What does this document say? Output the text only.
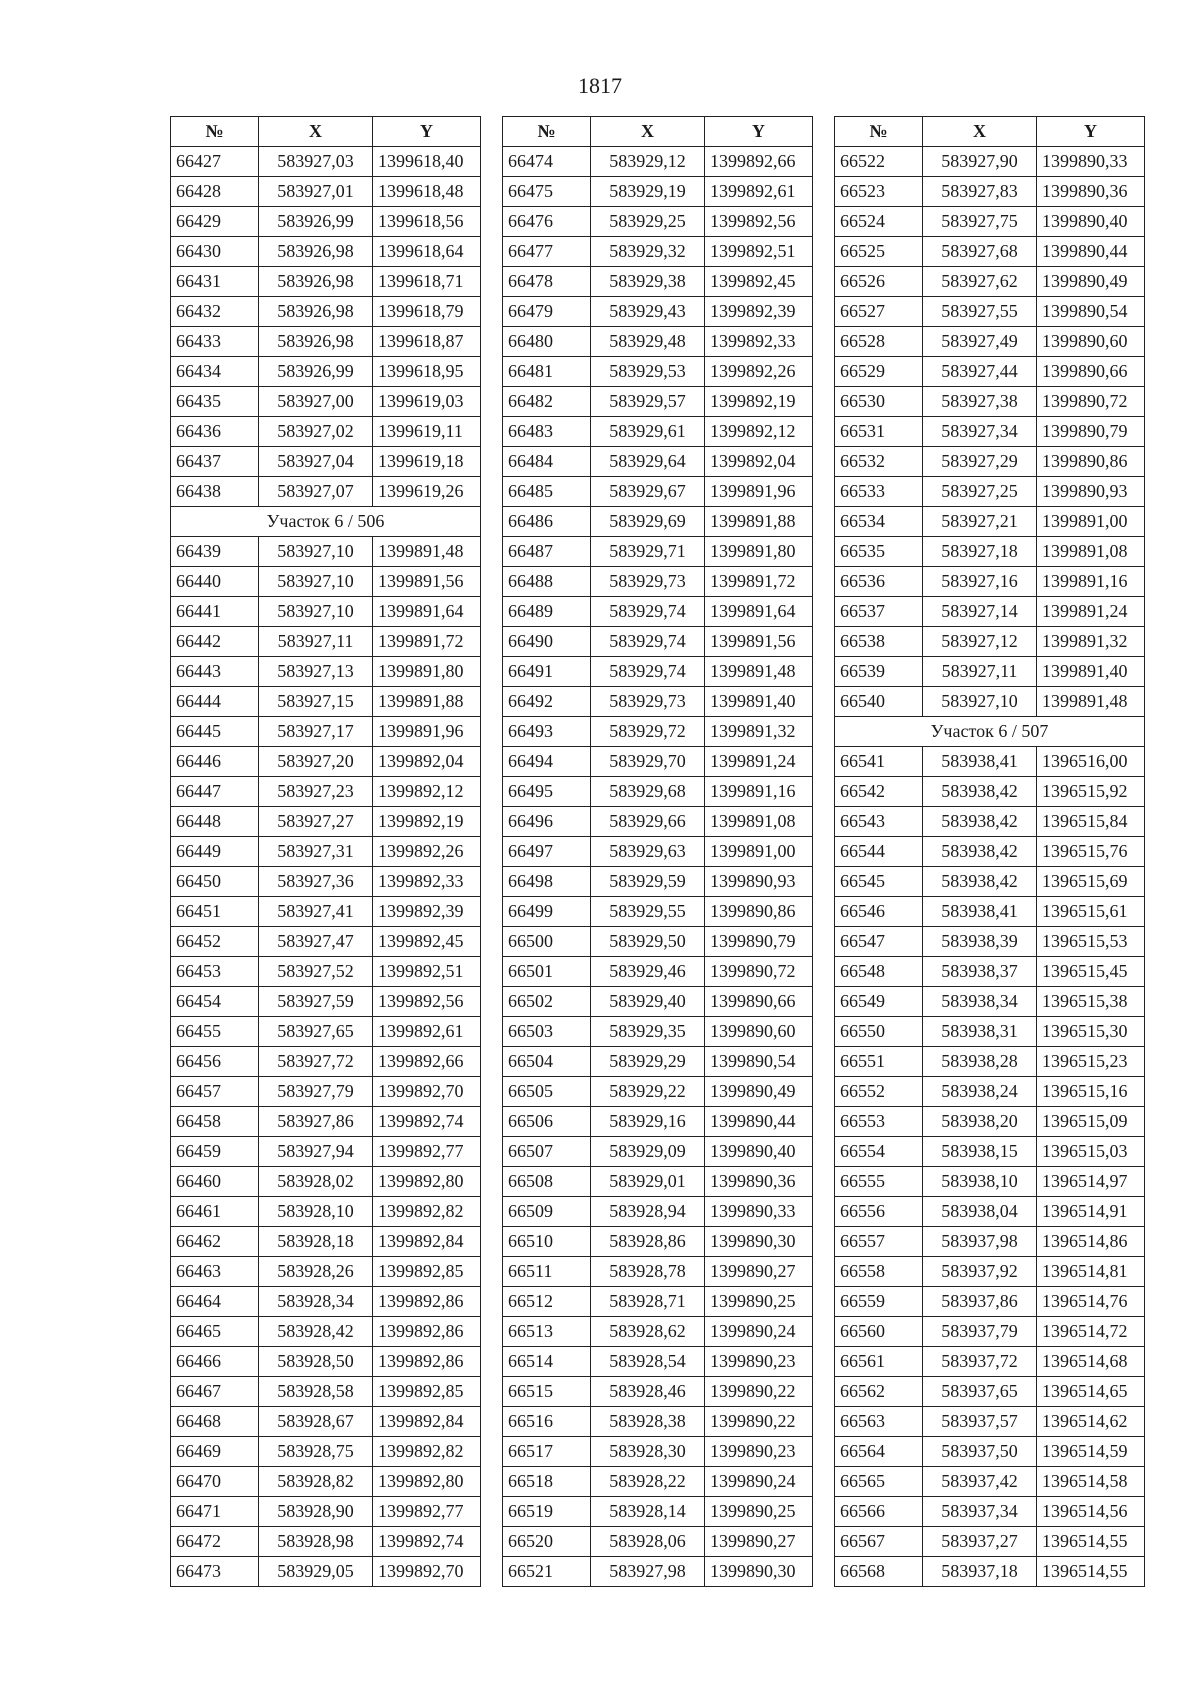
1817
№	X	Y
66427	583927,03	1399618,40
66428	583927,01	1399618,48
66429	583926,99	1399618,56
66430	583926,98	1399618,64
66431	583926,98	1399618,71
66432	583926,98	1399618,79
66433	583926,98	1399618,87
66434	583926,99	1399618,95
66435	583927,00	1399619,03
66436	583927,02	1399619,11
66437	583927,04	1399619,18
66438	583927,07	1399619,26
Участок 6 / 506		
66439	583927,10	1399891,48
66440	583927,10	1399891,56
66441	583927,10	1399891,64
66442	583927,11	1399891,72
66443	583927,13	1399891,80
66444	583927,15	1399891,88
66445	583927,17	1399891,96
66446	583927,20	1399892,04
66447	583927,23	1399892,12
66448	583927,27	1399892,19
66449	583927,31	1399892,26
66450	583927,36	1399892,33
66451	583927,41	1399892,39
66452	583927,47	1399892,45
66453	583927,52	1399892,51
66454	583927,59	1399892,56
66455	583927,65	1399892,61
66456	583927,72	1399892,66
66457	583927,79	1399892,70
66458	583927,86	1399892,74
66459	583927,94	1399892,77
66460	583928,02	1399892,80
66461	583928,10	1399892,82
66462	583928,18	1399892,84
66463	583928,26	1399892,85
66464	583928,34	1399892,86
66465	583928,42	1399892,86
66466	583928,50	1399892,86
66467	583928,58	1399892,85
66468	583928,67	1399892,84
66469	583928,75	1399892,82
66470	583928,82	1399892,80
66471	583928,90	1399892,77
66472	583928,98	1399892,74
66473	583929,05	1399892,70
№	X	Y
66474	583929,12	1399892,66
66475	583929,19	1399892,61
66476	583929,25	1399892,56
66477	583929,32	1399892,51
66478	583929,38	1399892,45
66479	583929,43	1399892,39
66480	583929,48	1399892,33
66481	583929,53	1399892,26
66482	583929,57	1399892,19
66483	583929,61	1399892,12
66484	583929,64	1399892,04
66485	583929,67	1399891,96
66486	583929,69	1399891,88
66487	583929,71	1399891,80
66488	583929,73	1399891,72
66489	583929,74	1399891,64
66490	583929,74	1399891,56
66491	583929,74	1399891,48
66492	583929,73	1399891,40
66493	583929,72	1399891,32
66494	583929,70	1399891,24
66495	583929,68	1399891,16
66496	583929,66	1399891,08
66497	583929,63	1399891,00
66498	583929,59	1399890,93
66499	583929,55	1399890,86
66500	583929,50	1399890,79
66501	583929,46	1399890,72
66502	583929,40	1399890,66
66503	583929,35	1399890,60
66504	583929,29	1399890,54
66505	583929,22	1399890,49
66506	583929,16	1399890,44
66507	583929,09	1399890,40
66508	583929,01	1399890,36
66509	583928,94	1399890,33
66510	583928,86	1399890,30
66511	583928,78	1399890,27
66512	583928,71	1399890,25
66513	583928,62	1399890,24
66514	583928,54	1399890,23
66515	583928,46	1399890,22
66516	583928,38	1399890,22
66517	583928,30	1399890,23
66518	583928,22	1399890,24
66519	583928,14	1399890,25
66520	583928,06	1399890,27
66521	583927,98	1399890,30
№	X	Y
66522	583927,90	1399890,33
66523	583927,83	1399890,36
66524	583927,75	1399890,40
66525	583927,68	1399890,44
66526	583927,62	1399890,49
66527	583927,55	1399890,54
66528	583927,49	1399890,60
66529	583927,44	1399890,66
66530	583927,38	1399890,72
66531	583927,34	1399890,79
66532	583927,29	1399890,86
66533	583927,25	1399890,93
66534	583927,21	1399891,00
66535	583927,18	1399891,08
66536	583927,16	1399891,16
66537	583927,14	1399891,24
66538	583927,12	1399891,32
66539	583927,11	1399891,40
66540	583927,10	1399891,48
Участок 6 / 507		
66541	583938,41	1396516,00
66542	583938,42	1396515,92
66543	583938,42	1396515,84
66544	583938,42	1396515,76
66545	583938,42	1396515,69
66546	583938,41	1396515,61
66547	583938,39	1396515,53
66548	583938,37	1396515,45
66549	583938,34	1396515,38
66550	583938,31	1396515,30
66551	583938,28	1396515,23
66552	583938,24	1396515,16
66553	583938,20	1396515,09
66554	583938,15	1396515,03
66555	583938,10	1396514,97
66556	583938,04	1396514,91
66557	583937,98	1396514,86
66558	583937,92	1396514,81
66559	583937,86	1396514,76
66560	583937,79	1396514,72
66561	583937,72	1396514,68
66562	583937,65	1396514,65
66563	583937,57	1396514,62
66564	583937,50	1396514,59
66565	583937,42	1396514,58
66566	583937,34	1396514,56
66567	583937,27	1396514,55
66568	583937,18	1396514,55
